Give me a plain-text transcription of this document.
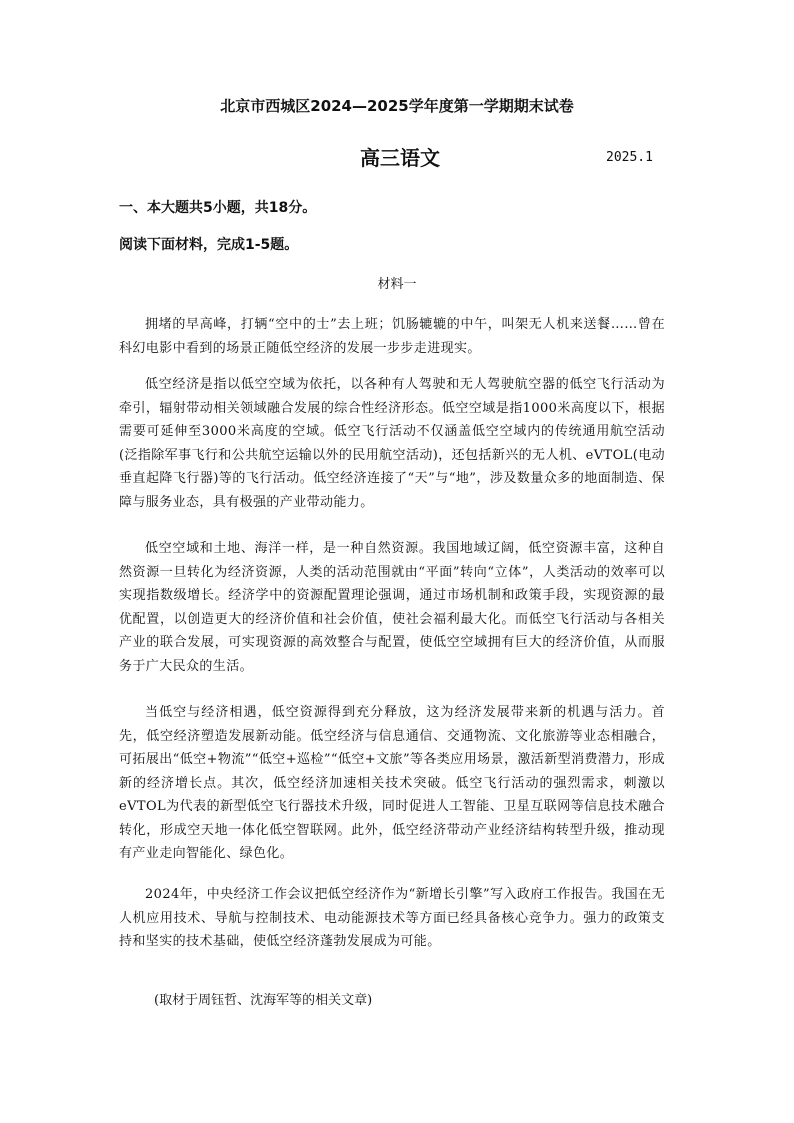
北京市西城区2024—2025学年度第一学期期末试卷
高三语文	2025.1
一、本大题共5小题，共18分。
阅读下面材料，完成1-5题。
材料一

拥堵的早高峰，打辆“空中的士”去上班；饥肠辘辘的中午，叫架无人机来送餐……曾在科幻电影中看到的场景正随低空经济的发展一步步走进现实。

低空经济是指以低空空域为依托，以各种有人驾驶和无人驾驶航空器的低空飞行活动为牵引，辐射带动相关领域融合发展的综合性经济形态。低空空域是指1000米高度以下，根据需要可延伸至3000米高度的空域。低空飞行活动不仅涵盖低空空域内的传统通用航空活动(泛指除军事飞行和公共航空运输以外的民用航空活动)，还包括新兴的无人机、eVTOL(电动垂直起降飞行器)等的飞行活动。低空经济连接了“天”与“地”，涉及数量众多的地面制造、保障与服务业态，具有极强的产业带动能力。

低空空域和土地、海洋一样，是一种自然资源。我国地域辽阔，低空资源丰富，这种自然资源一旦转化为经济资源，人类的活动范围就由“平面”转向“立体”，人类活动的效率可以实现指数级增长。经济学中的资源配置理论强调，通过市场机制和政策手段，实现资源的最优配置，以创造更大的经济价值和社会价值，使社会福利最大化。而低空飞行活动与各相关产业的联合发展，可实现资源的高效整合与配置，使低空空域拥有巨大的经济价值，从而服务于广大民众的生活。

当低空与经济相遇，低空资源得到充分释放，这为经济发展带来新的机遇与活力。首先，低空经济塑造发展新动能。低空经济与信息通信、交通物流、文化旅游等业态相融合，可拓展出“低空+物流”“低空+巡检”“低空+文旅”等各类应用场景，激活新型消费潜力，形成新的经济增长点。其次，低空经济加速相关技术突破。低空飞行活动的强烈需求，刺激以eVTOL为代表的新型低空飞行器技术升级，同时促进人工智能、卫星互联网等信息技术融合转化，形成空天地一体化低空智联网。此外，低空经济带动产业经济结构转型升级，推动现有产业走向智能化、绿色化。

2024年，中央经济工作会议把低空经济作为“新增长引擎”写入政府工作报告。我国在无人机应用技术、导航与控制技术、电动能源技术等方面已经具备核心竞争力。强力的政策支持和坚实的技术基础，使低空经济蓬勃发展成为可能。

(取材于周钰哲、沈海军等的相关文章)
